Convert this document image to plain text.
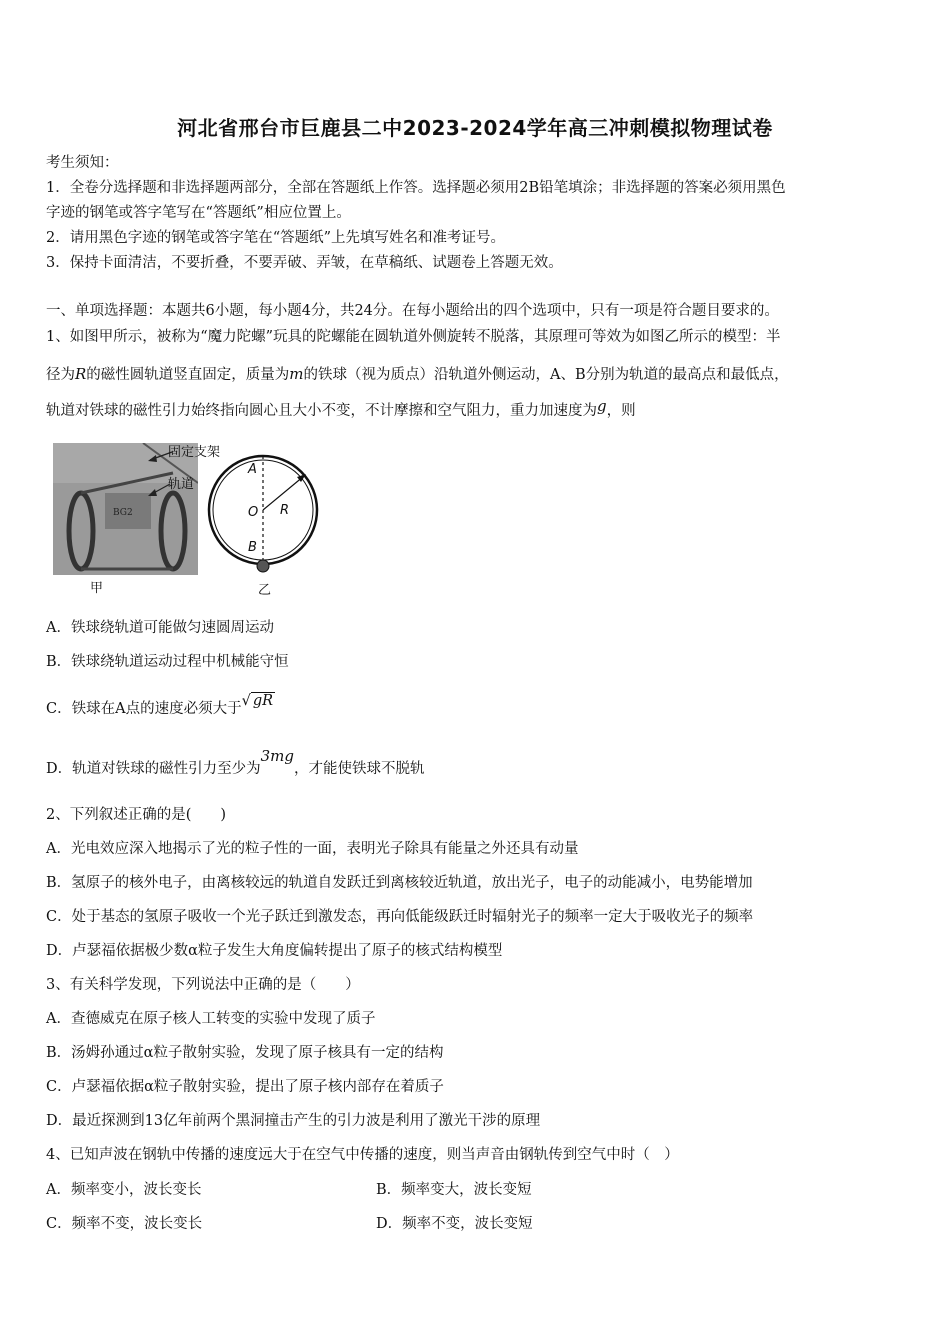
河北省邢台市巨鹿县二中2023-2024学年高三冲刺模拟物理试卷
考生须知：
1．全卷分选择题和非选择题两部分，全部在答题纸上作答。选择题必须用2B铅笔填涂；非选择题的答案必须用黑色
字迹的钢笔或答字笔写在“答题纸”相应位置上。
2．请用黑色字迹的钢笔或答字笔在“答题纸”上先填写姓名和准考证号。
3．保持卡面清洁，不要折叠，不要弄破、弄皱，在草稿纸、试题卷上答题无效。
一、单项选择题：本题共6小题，每小题4分，共24分。在每小题给出的四个选项中，只有一项是符合题目要求的。
1、如图甲所示，被称为“魔力陀螺”玩具的陀螺能在圆轨道外侧旋转不脱落，其原理可等效为如图乙所示的模型：半
径为R的磁性圆轨道竖直固定，质量为m的铁球（视为质点）沿轨道外侧运动，A、B分别为轨道的最高点和最低点，
轨道对铁球的磁性引力始终指向圆心且大小不变，不计摩擦和空气阻力，重力加速度为g，则
BG2
固定支架
轨道
甲
A
O R
B
乙
A．铁球绕轨道可能做匀速圆周运动
B．铁球绕轨道运动过程中机械能守恒
C．铁球在A点的速度必须大于√ gR
D．轨道对铁球的磁性引力至少为3mg，才能使铁球不脱轨
2、下列叙述正确的是(　　)
A．光电效应深入地揭示了光的粒子性的一面，表明光子除具有能量之外还具有动量
B．氢原子的核外电子，由离核较远的轨道自发跃迁到离核较近轨道，放出光子，电子的动能减小，电势能增加
C．处于基态的氢原子吸收一个光子跃迁到激发态，再向低能级跃迁时辐射光子的频率一定大于吸收光子的频率
D．卢瑟福依据极少数α粒子发生大角度偏转提出了原子的核式结构模型
3、有关科学发现，下列说法中正确的是（　　）
A．查德威克在原子核人工转变的实验中发现了质子
B．汤姆孙通过α粒子散射实验，发现了原子核具有一定的结构
C．卢瑟福依据α粒子散射实验，提出了原子核内部存在着质子
D．最近探测到13亿年前两个黑洞撞击产生的引力波是利用了激光干涉的原理
4、已知声波在钢轨中传播的速度远大于在空气中传播的速度，则当声音由钢轨传到空气中时（　）
A．频率变小，波长变长	B．频率变大，波长变短
C．频率不变，波长变长	D．频率不变，波长变短
